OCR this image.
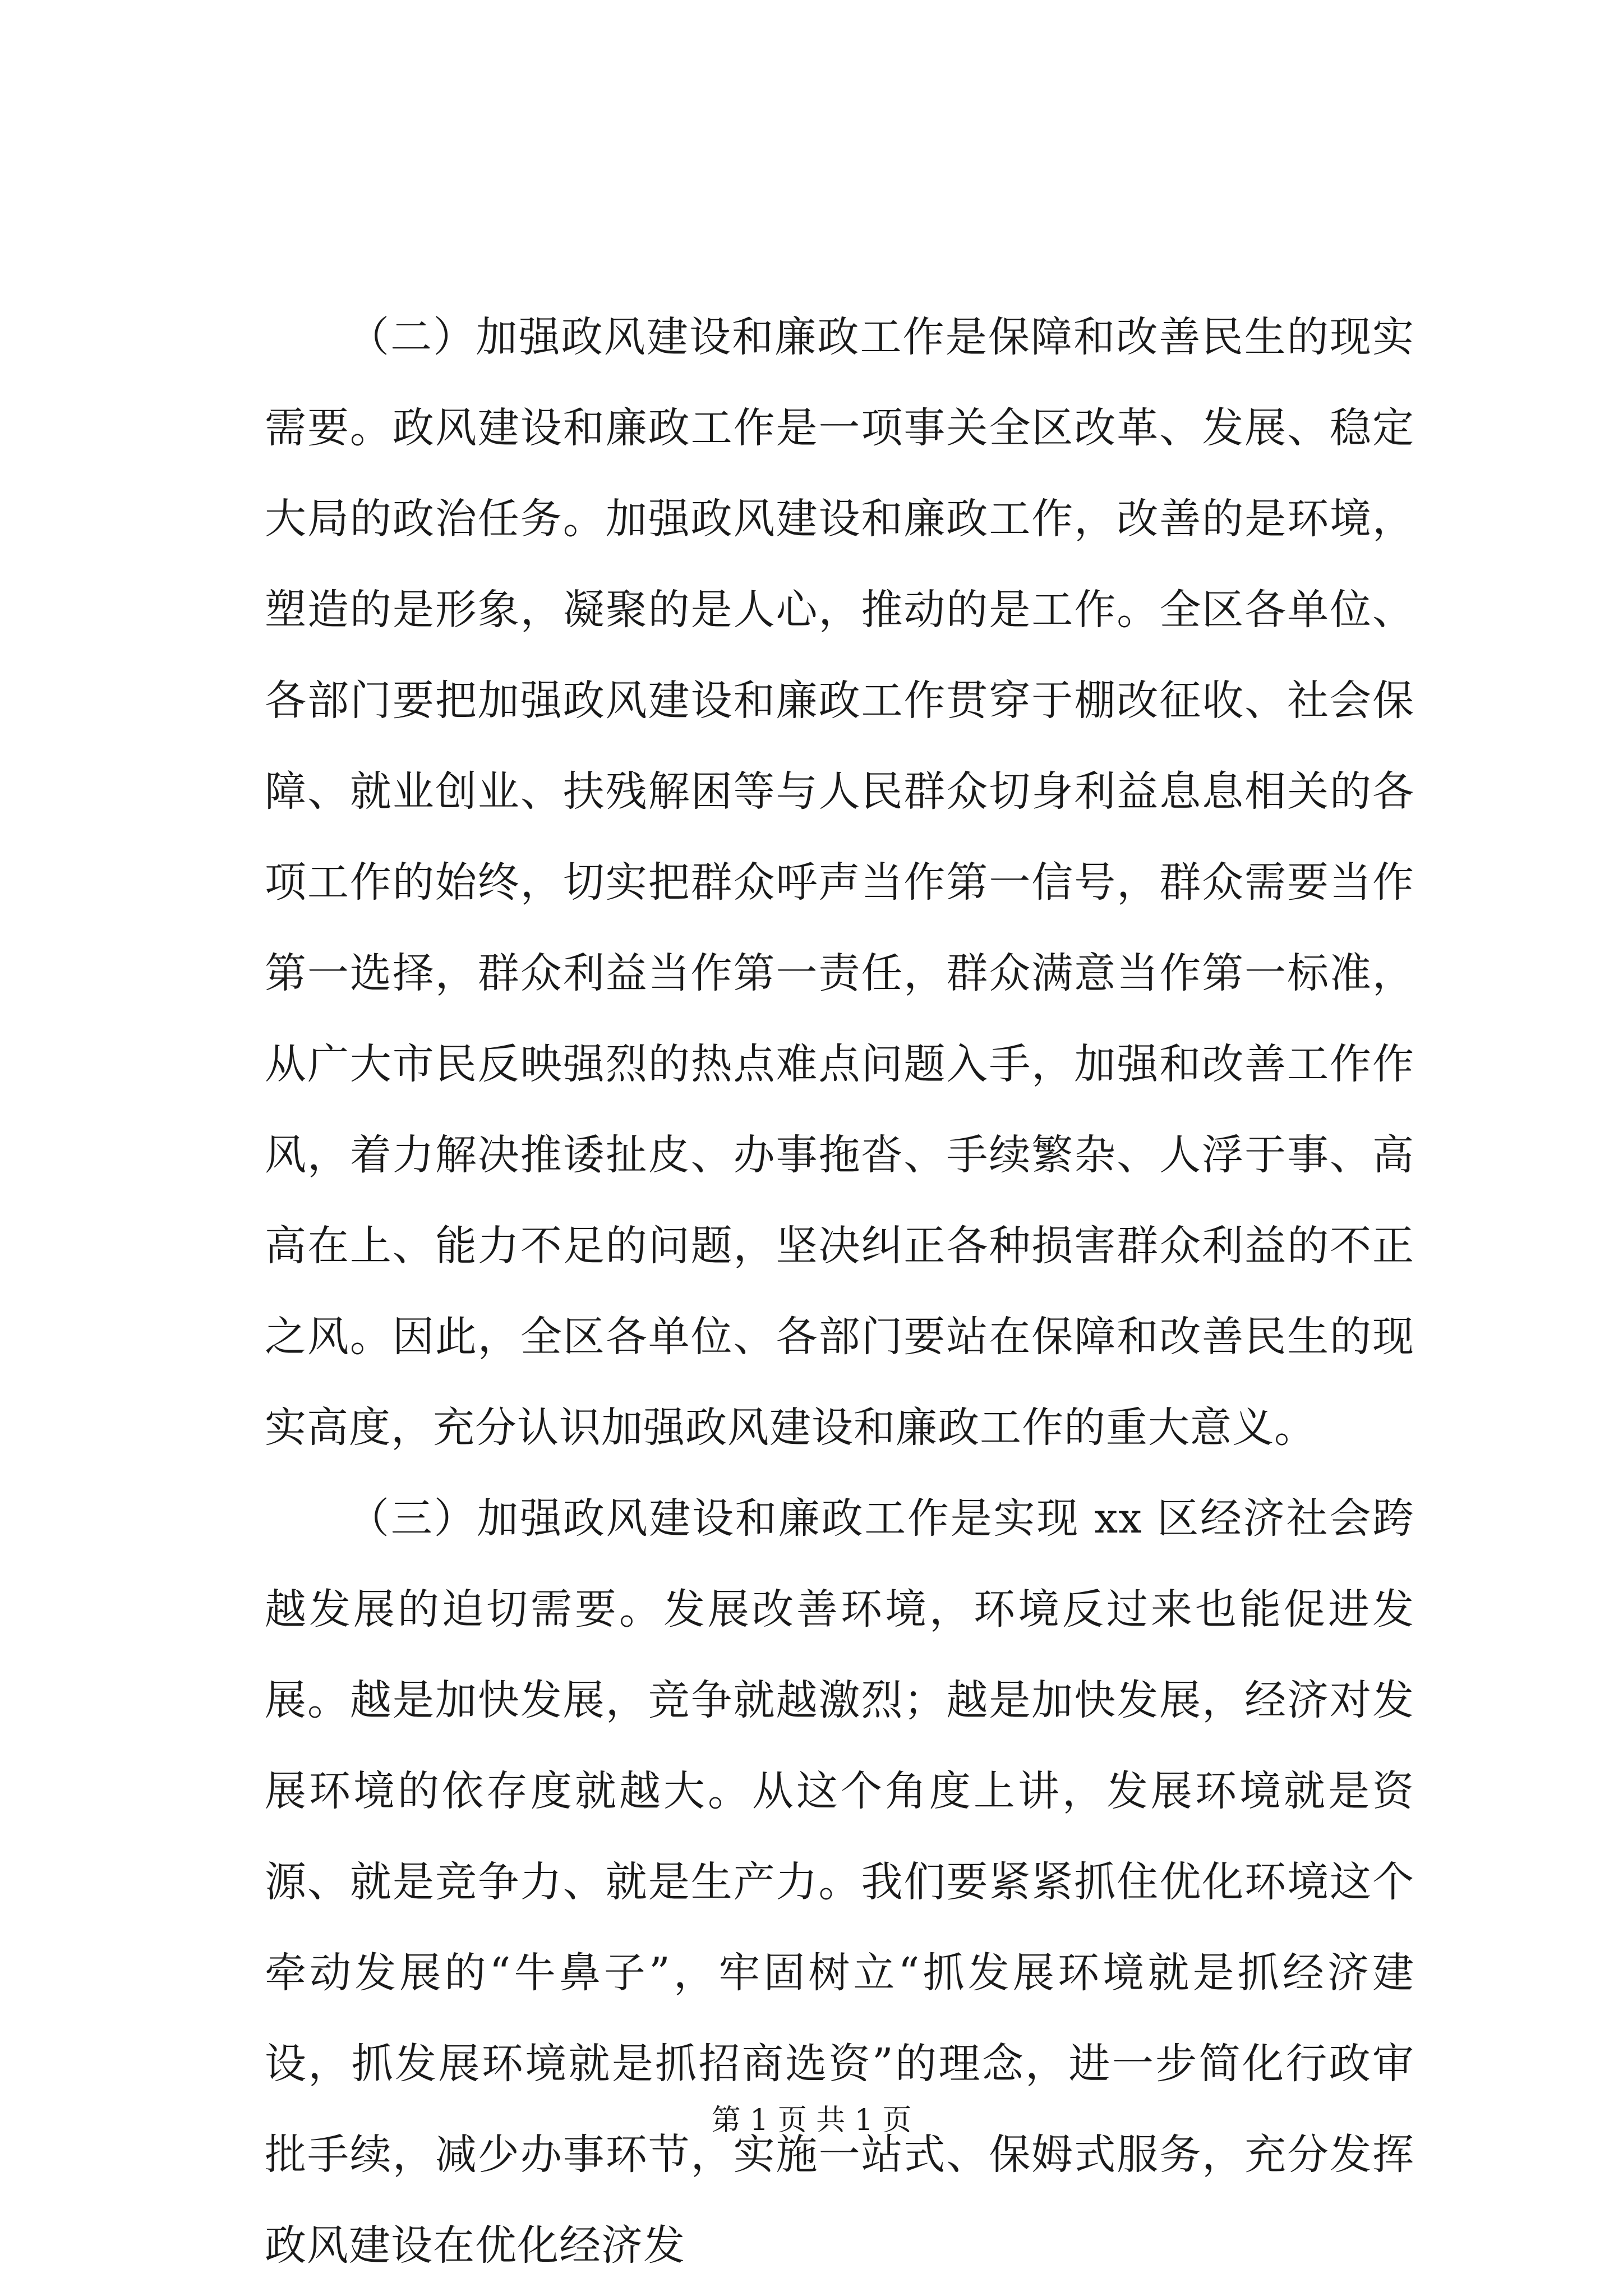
（二）加强政风建设和廉政工作是保障和改善民生的现实需要。政风建设和廉政工作是一项事关全区改革、发展、稳定大局的政治任务。加强政风建设和廉政工作，改善的是环境，塑造的是形象，凝聚的是人心，推动的是工作。全区各单位、各部门要把加强政风建设和廉政工作贯穿于棚改征收、社会保障、就业创业、扶残解困等与人民群众切身利益息息相关的各项工作的始终，切实把群众呼声当作第一信号，群众需要当作第一选择，群众利益当作第一责任，群众满意当作第一标准，从广大市民反映强烈的热点难点问题入手，加强和改善工作作风，着力解决推诿扯皮、办事拖沓、手续繁杂、人浮于事、高高在上、能力不足的问题，坚决纠正各种损害群众利益的不正之风。因此，全区各单位、各部门要站在保障和改善民生的现实高度，充分认识加强政风建设和廉政工作的重大意义。

（三）加强政风建设和廉政工作是实现 xx 区经济社会跨越发展的迫切需要。发展改善环境，环境反过来也能促进发展。越是加快发展，竞争就越激烈；越是加快发展，经济对发展环境的依存度就越大。从这个角度上讲，发展环境就是资源、就是竞争力、就是生产力。我们要紧紧抓住优化环境这个牵动发展的“牛鼻子”，牢固树立“抓发展环境就是抓经济建设，抓发展环境就是抓招商选资”的理念，进一步简化行政审批手续，减少办事环节，实施一站式、保姆式服务，充分发挥政风建设在优化经济发

第 1 页 共 1 页
